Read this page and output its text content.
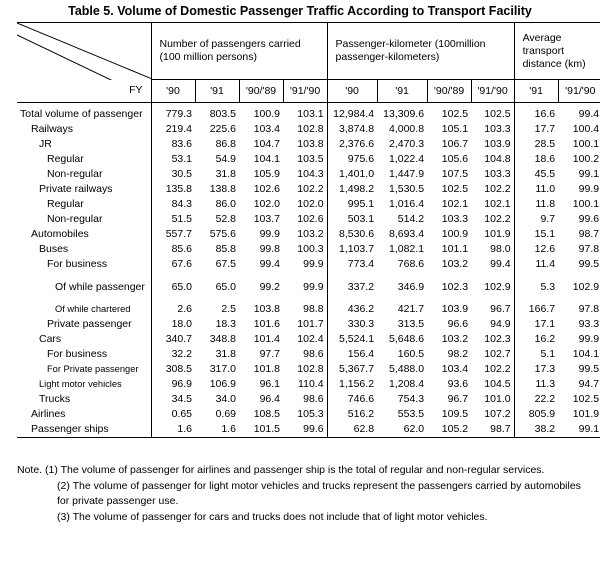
Table 5. Volume of Domestic Passenger Traffic According to Transport Facility
	Number of passengers carried (100 million persons)				Passenger-kilometer (100million passenger-kilometers)				Average transport distance (km)	
FY	'90	'91	'90/'89	'91/'90	'90	'91	'90/'89	'91/'90	'91	'91/'90
Total volume of passenger	779.3	803.5	100.9	103.1	12,984.4	13,309.6	102.5	102.5	16.6	99.4
Railways	219.4	225.6	103.4	102.8	3,874.8	4,000.8	105.1	103.3	17.7	100.4
JR	83.6	86.8	104.7	103.8	2,376.6	2,470.3	106.7	103.9	28.5	100.1
Regular	53.1	54.9	104.1	103.5	975.6	1,022.4	105.6	104.8	18.6	100.2
Non-regular	30.5	31.8	105.9	104.3	1,401.0	1,447.9	107.5	103.3	45.5	99.1
Private railways	135.8	138.8	102.6	102.2	1,498.2	1,530.5	102.5	102.2	11.0	99.9
Regular	84.3	86.0	102.0	102.0	995.1	1,016.4	102.1	102.1	11.8	100.1
Non-regular	51.5	52.8	103.7	102.6	503.1	514.2	103.3	102.2	9.7	99.6
Automobiles	557.7	575.6	99.9	103.2	8,530.6	8,693.4	100.9	101.9	15.1	98.7
Buses	85.6	85.8	99.8	100.3	1,103.7	1,082.1	101.1	98.0	12.6	97.8
For business	67.6	67.5	99.4	99.9	773.4	768.6	103.2	99.4	11.4	99.5
Of while passenger	65.0	65.0	99.2	99.9	337.2	346.9	102.3	102.9	5.3	102.9
Of while chartered	2.6	2.5	103.8	98.8	436.2	421.7	103.9	96.7	166.7	97.8
Private passenger	18.0	18.3	101.6	101.7	330.3	313.5	96.6	94.9	17.1	93.3
Cars	340.7	348.8	101.4	102.4	5,524.1	5,648.6	103.2	102.3	16.2	99.9
For business	32.2	31.8	97.7	98.6	156.4	160.5	98.2	102.7	5.1	104.1
For Private passenger	308.5	317.0	101.8	102.8	5,367.7	5,488.0	103.4	102.2	17.3	99.5
Light motor vehicles	96.9	106.9	96.1	110.4	1,156.2	1,208.4	93.6	104.5	11.3	94.7
Trucks	34.5	34.0	96.4	98.6	746.6	754.3	96.7	101.0	22.2	102.5
Airlines	0.65	0.69	108.5	105.3	516.2	553.5	109.5	107.2	805.9	101.9
Passenger ships	1.6	1.6	101.5	99.6	62.8	62.0	105.2	98.7	38.2	99.1
Note. (1) The volume of passenger for airlines and passenger ship is the total of regular and non-regular services.
(2) The volume of passenger for light motor vehicles and trucks represent the passengers carried by automobiles for private passenger use.
(3) The volume of passenger for cars and trucks does not include that of light motor vehicles.
